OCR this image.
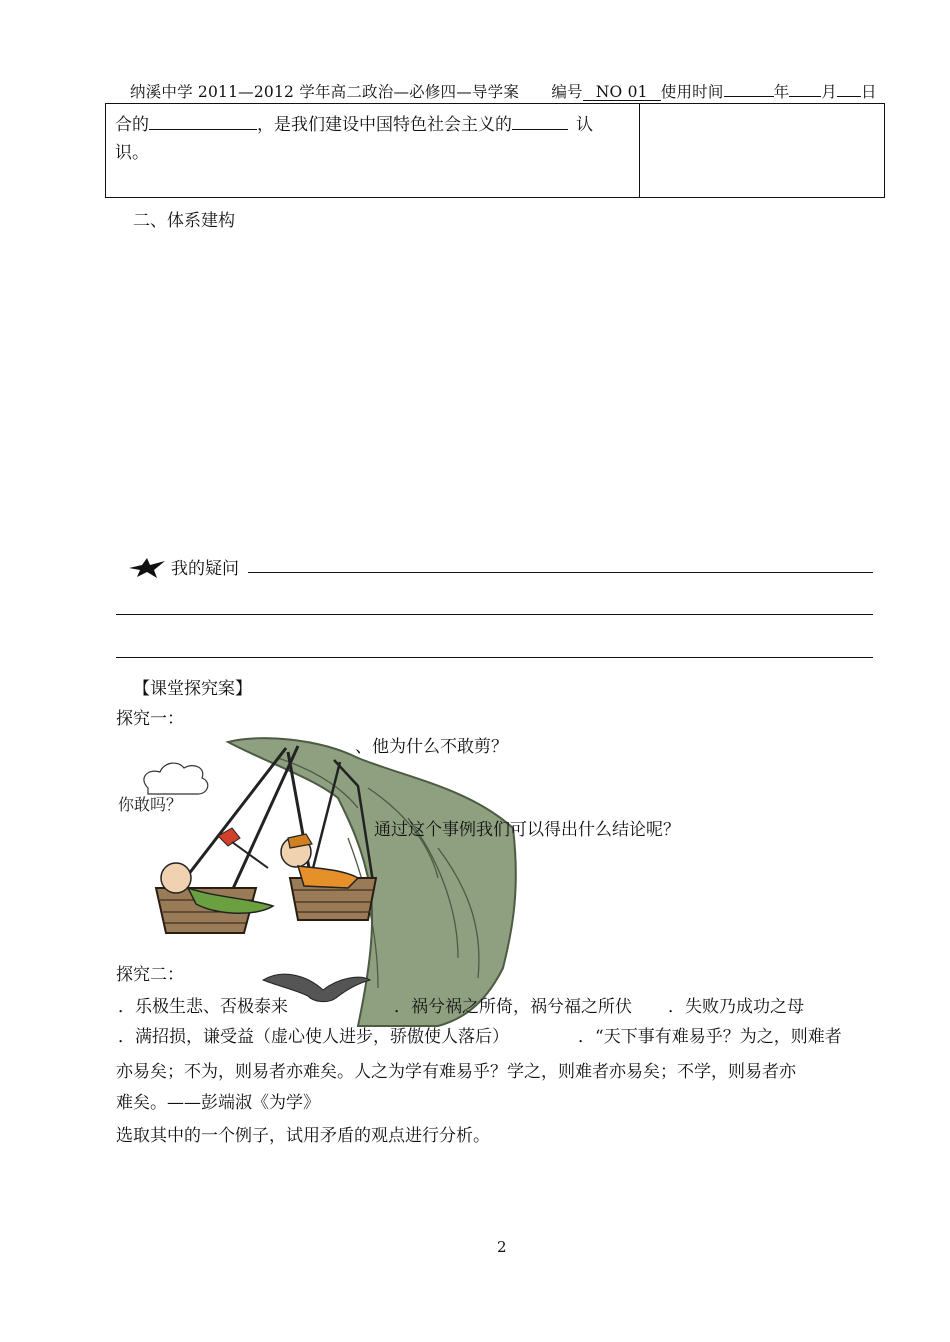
纳溪中学 2011—2012 学年高二政治—必修四—导学案 编号 NO 01 使用时间	年 月 日
合的	，是我们建设中国特色社会主义的	认
识。
二、体系建构
我的疑问
【课堂探究案】
探究一：
你敢吗？
、他为什么不敢剪？
通过这个事例我们可以得出什么结论呢？
探究二：
．乐极生悲、否极泰来	．祸兮祸之所倚，祸兮福之所伏 ．失败乃成功之母
．满招损，谦受益（虚心使人进步，骄傲使人落后）	．“天下事有难易乎？为之，则难者
亦易矣；不为，则易者亦难矣。人之为学有难易乎？学之，则难者亦易矣；不学，则易者亦
难矣。——彭端淑《为学》
选取其中的一个例子，试用矛盾的观点进行分析。
2
